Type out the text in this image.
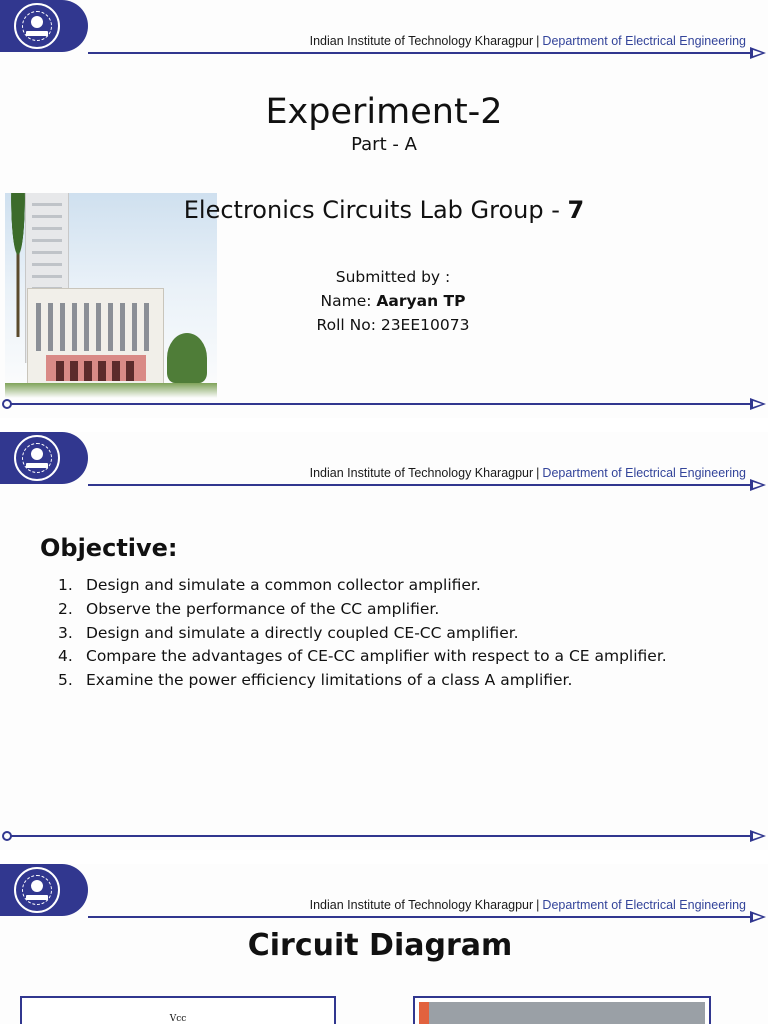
Indian Institute of Technology Kharagpur | Department of Electrical Engineering
Experiment-2
Part - A
Electronics Circuits Lab Group - 7
Submitted by :
Name: Aaryan TP
Roll No: 23EE10073
Indian Institute of Technology Kharagpur | Department of Electrical Engineering
Objective:
1. Design and simulate a common collector amplifier.
2. Observe the performance of the CC amplifier.
3. Design and simulate a directly coupled CE-CC amplifier.
4. Compare the advantages of CE-CC amplifier with respect to a CE amplifier.
5. Examine the power efficiency limitations of a class A amplifier.
Indian Institute of Technology Kharagpur | Department of Electrical Engineering
Circuit Diagram
Vcc
